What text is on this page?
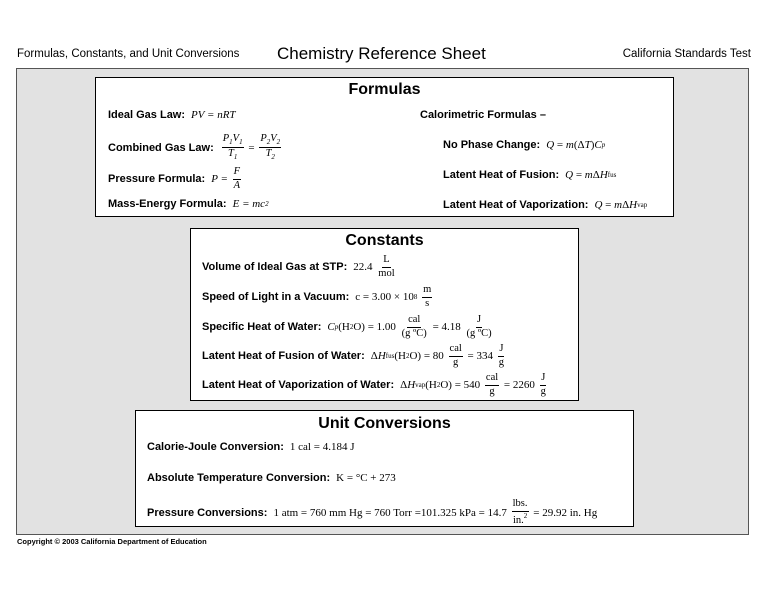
Formulas, Constants, and Unit Conversions Chemistry Reference Sheet	California Standards Test
Formulas
Ideal Gas Law: PV = nRT
Combined Gas Law: $\frac{P_1V_1}{T_1} = \frac{P_2V_2}{T_2}$
Pressure Formula: $P = \frac{F}{A}$
Mass-Energy Formula: E = mc 2
Calorimetric Formulas –
No Phase Change: Q = m (Δ T ) C p
Latent Heat of Fusion: Q = m Δ H fus
Latent Heat of Vaporization: Q = m Δ H vap
Constants
Volume of Ideal Gas at STP: 22.4
$\frac{L}{\text{mol}}$
Speed of Light in a Vacuum: c = 3.00 × 10 8
$\frac{m}{s}$
Specific Heat of Water: C p (H 2 $O) = 1.00 \frac{\text{cal}}{\text{(g ºC)}} = 4.18 \frac{J}{\text{(g ºC)}}$
Latent Heat of Fusion of Water: Δ H fus (H 2 O) = 80
$\frac{\text{cal}}{g} = 334$
$\frac{J}{g}$
Latent Heat of Vaporization of Water: Δ H vap (H 2 O) = 540
$\frac{\text{cal}}{g} = 2260$
$\frac{J}{g}$
Unit Conversions
Calorie-Joule Conversion: 1 cal = 4.184 J
Absolute Temperature Conversion: K = °C + 273
Pressure Conversions: 1 atm = 760 mm Hg = 760 Torr =101.325 kPa = 14.7
$\frac{\text{lbs.}}{in.^2}$
= 29.92 in. Hg
Copyright © 2003 California Department of Education
